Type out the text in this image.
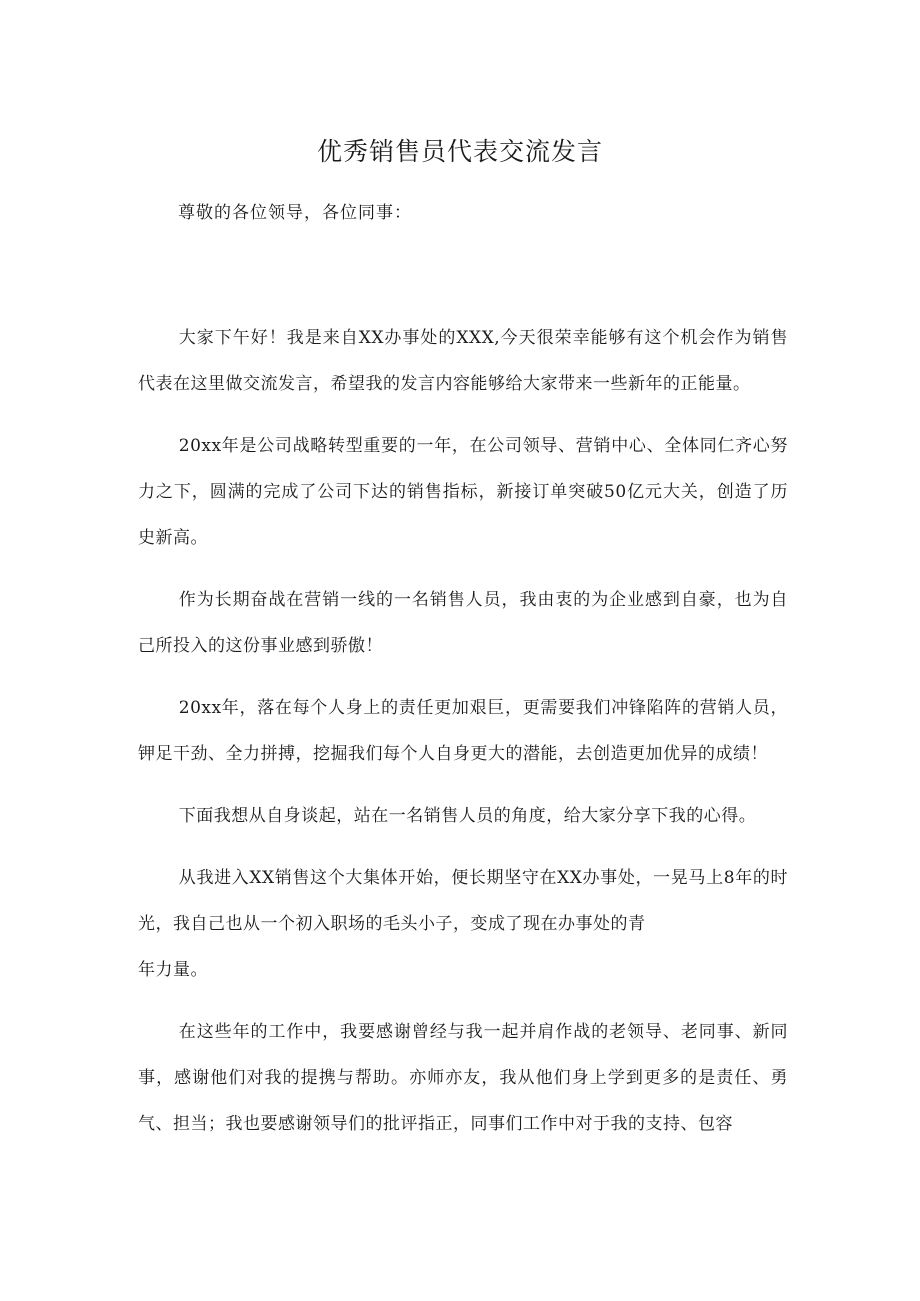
优秀销售员代表交流发言

尊敬的各位领导，各位同事：

大家下午好！我是来自XX办事处的XXX,今天很荣幸能够有这个机会作为销售代表在这里做交流发言，希望我的发言内容能够给大家带来一些新年的正能量。

20xx年是公司战略转型重要的一年，在公司领导、营销中心、全体同仁齐心努力之下，圆满的完成了公司下达的销售指标，新接订单突破50亿元大关，创造了历史新高。

作为长期奋战在营销一线的一名销售人员，我由衷的为企业感到自豪，也为自己所投入的这份事业感到骄傲！

20xx年，落在每个人身上的责任更加艰巨，更需要我们冲锋陷阵的营销人员，钾足干劲、全力拼搏，挖掘我们每个人自身更大的潜能，去创造更加优异的成绩！

下面我想从自身谈起，站在一名销售人员的角度，给大家分享下我的心得。

从我进入XX销售这个大集体开始，便长期坚守在XX办事处，一晃马上8年的时光，我自己也从一个初入职场的毛头小子，变成了现在办事处的青

年力量。

在这些年的工作中，我要感谢曾经与我一起并肩作战的老领导、老同事、新同事，感谢他们对我的提携与帮助。亦师亦友，我从他们身上学到更多的是责任、勇气、担当；我也要感谢领导们的批评指正，同事们工作中对于我的支持、包容
